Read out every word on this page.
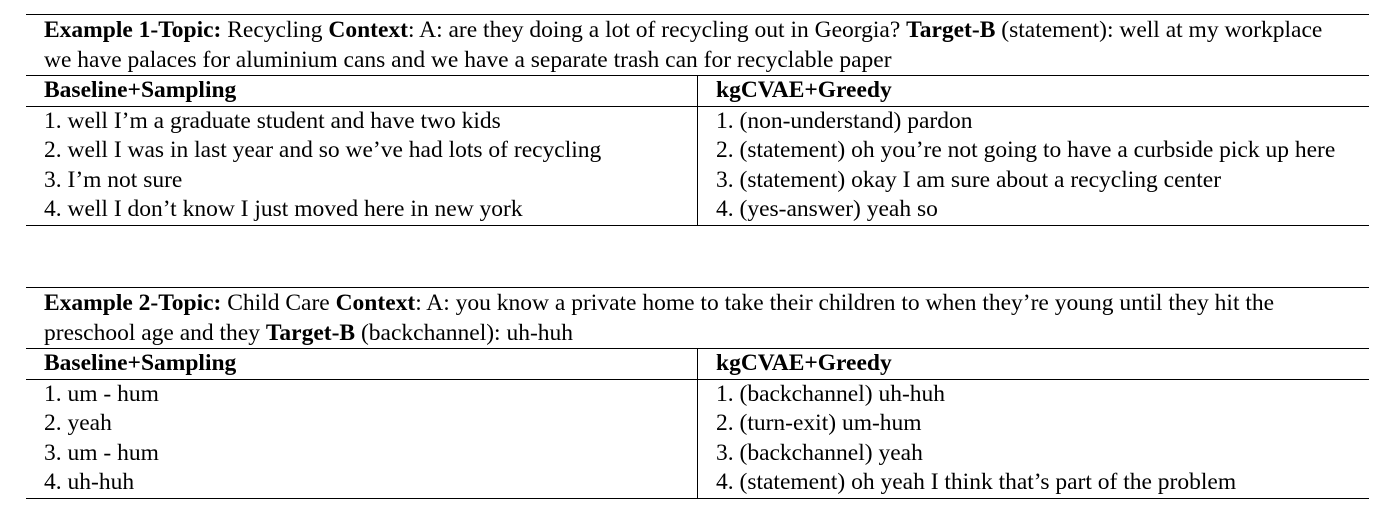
Example 1-Topic: Recycling Context: A: are they doing a lot of recycling out in Georgia? Target-B (statement): well at my workplace we have palaces for aluminium cans and we have a separate trash can for recyclable paper
Baseline+Sampling	kgCVAE+Greedy
1. well I’m a graduate student and have two kids	1. (non-understand) pardon
2. well I was in last year and so we’ve had lots of recycling	2. (statement) oh you’re not going to have a curbside pick up here
3. I’m not sure	3. (statement) okay I am sure about a recycling center
4. well I don’t know I just moved here in new york	4. (yes-answer) yeah so
Example 2-Topic: Child Care Context: A: you know a private home to take their children to when they’re young until they hit the preschool age and they Target-B (backchannel): uh-huh
Baseline+Sampling	kgCVAE+Greedy
1. um - hum	1. (backchannel) uh-huh
2. yeah	2. (turn-exit) um-hum
3. um - hum	3. (backchannel) yeah
4. uh-huh	4. (statement) oh yeah I think that’s part of the problem
